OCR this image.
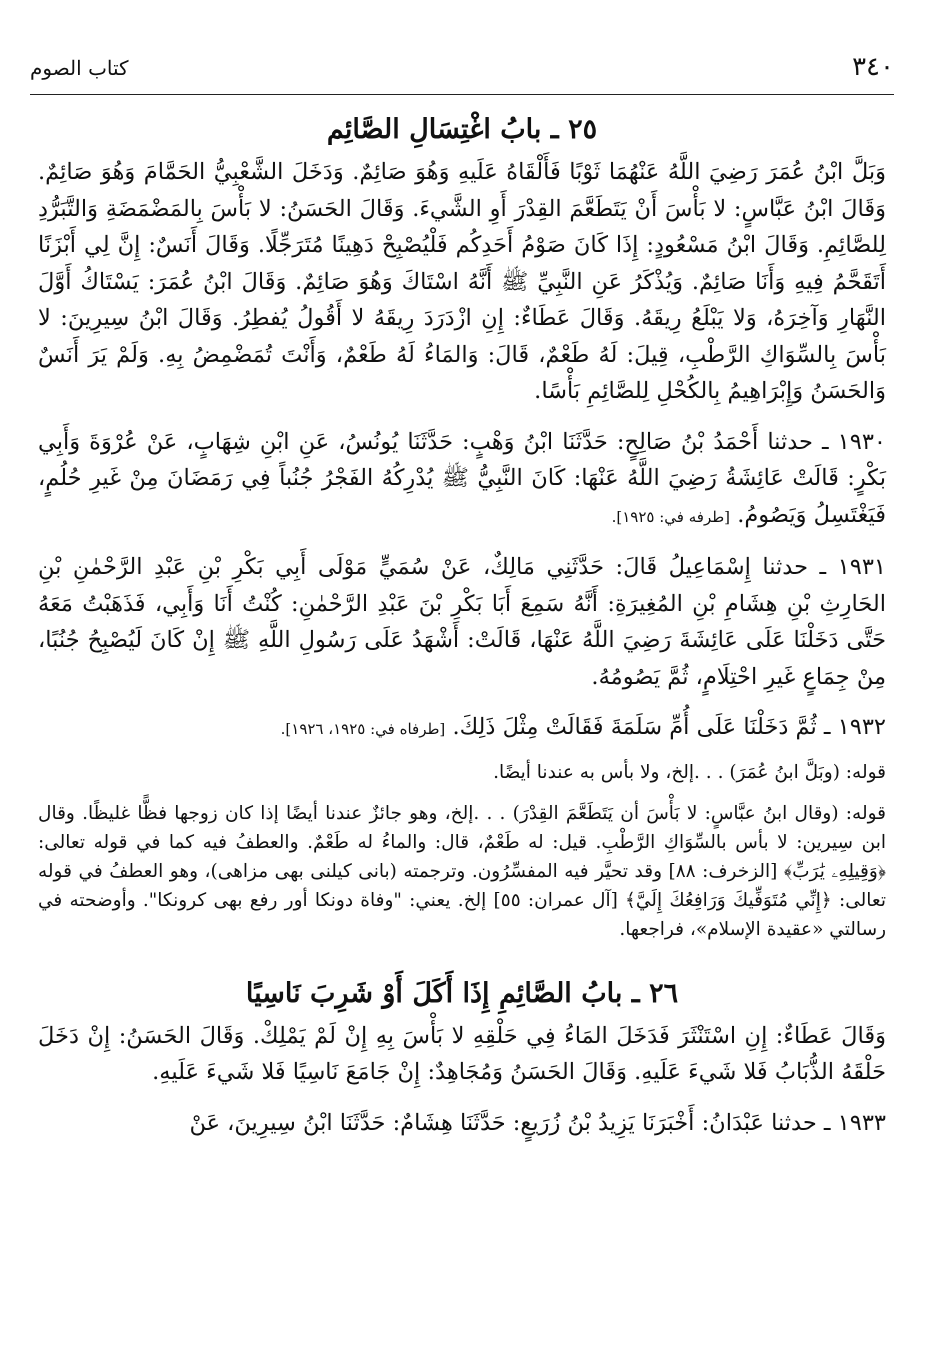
٣٤٠
كتاب الصوم
٢٥ ـ بابُ اغْتِسَالِ الصَّائِم

وَبَلَّ ابْنُ عُمَرَ رَضِيَ اللَّهُ عَنْهُمَا ثَوْبًا فَأَلْقَاهُ عَلَيهِ وَهُوَ صَائِمٌ. وَدَخَلَ الشَّعْبِيُّ الحَمَّامَ وَهُوَ صَائِمٌ. وَقَالَ ابْنُ عَبَّاسٍ: لا بَأْسَ أَنْ يَتَطَعَّمَ القِدْرَ أَوِ الشَّيءَ. وَقَالَ الحَسَنُ: لا بَأْسَ بِالمَضْمَضَةِ وَالتَّبَرُّدِ لِلصَّائِمِ. وَقَالَ ابْنُ مَسْعُودٍ: إِذَا كَانَ صَوْمُ أَحَدِكُم فَلْيُصْبِحْ دَهِينًا مُتَرَجِّلًا. وَقَالَ أَنَسٌ: إِنَّ لِي أَبْزَنًا أَتَقَحَّمُ فِيهِ وَأَنَا صَائِمٌ. وَيُذْكَرُ عَنِ النَّبِيِّ ﷺ أَنَّهُ اسْتَاكَ وَهُوَ صَائِمٌ. وَقَالَ ابْنُ عُمَرَ: يَسْتَاكُ أَوَّلَ النَّهَارِ وَآخِرَهُ، وَلا يَبْلَعُ رِيقَهُ. وَقَالَ عَطَاءٌ: إِنِ ازْدَرَدَ رِيقَهُ لا أَقُولُ يُفطِرُ. وَقَالَ ابْنُ سِيرِينَ: لا بَأْسَ بِالسِّوَاكِ الرَّطْبِ، قِيلَ: لَهُ طَعْمٌ، قَالَ: وَالمَاءُ لَهُ طَعْمٌ، وَأَنْتَ تُمَضْمِضُ بِهِ. وَلَمْ يَرَ أَنَسٌ وَالحَسَنُ وَإِبْرَاهِيمُ بِالكُحْلِ لِلصَّائِمِ بَأْسًا.

١٩٣٠ ـ حدثنا أَحْمَدُ بْنُ صَالِحٍ: حَدَّثَنَا ابْنُ وَهْبٍ: حَدَّثَنَا يُونُسُ، عَنِ ابْنِ شِهَابٍ، عَنْ عُرْوَةَ وَأَبِي بَكْرٍ: قَالَتْ عَائِشَةُ رَضِيَ اللَّهُ عَنْهَا: كَانَ النَّبِيُّ ﷺ يُدْرِكُهُ الفَجْرُ جُنُباً فِي رَمَضَانَ مِنْ غَيرِ حُلُمٍ، فَيَغْتَسِلُ وَيَصُومُ. [طرفه في: ١٩٢٥].

١٩٣١ ـ حدثنا إِسْمَاعِيلُ قَالَ: حَدَّثَنِي مَالِكٌ، عَنْ سُمَيٍّ مَوْلَى أَبِي بَكْرِ بْنِ عَبْدِ الرَّحْمٰنِ بْنِ الحَارِثِ بْنِ هِشَامِ بْنِ المُغِيرَةِ: أَنَّهُ سَمِعَ أَبَا بَكْرِ بْنَ عَبْدِ الرَّحْمٰنِ: كُنْتُ أَنَا وَأَبِي، فَذَهَبْتُ مَعَهُ حَتَّى دَخَلْنَا عَلَى عَائِشَةَ رَضِيَ اللَّهُ عَنْهَا، قَالَتْ: أَشْهَدُ عَلَى رَسُولِ اللَّهِ ﷺ إِنْ كَانَ لَيُصْبِحُ جُنُبًا، مِنْ جِمَاعٍ غَيرِ احْتِلَامٍ، ثُمَّ يَصُومُهُ.

١٩٣٢ ـ ثُمَّ دَخَلْنَا عَلَى أُمِّ سَلَمَةَ فَقَالَتْ مِثْلَ ذَلِكَ. [طرفاه في: ١٩٢٥، ١٩٢٦].

قوله: (وبَلَّ ابنُ عُمَرَ) . . .إلخ، ولا بأس به عندنا أيضًا.

قوله: (وقال ابنُ عبَّاسٍ: لا بَأْسَ أن يَتَطَعَّمَ القِدْرَ) . . .إلخ، وهو جائزٌ عندنا أيضًا إذا كان زوجها فظًّا غليظًا. وقال ابن سِيرين: لا بأس بالسِّوَاكِ الرَّطْبِ. قيل: له طَعْمٌ، قال: والماءُ له طَعْمٌ. والعطفُ فيه كما في قوله تعالى: ﴿وَقِيلِهِۦ يَٰرَبِّ﴾ [الزخرف: ٨٨] وقد تحيَّر فيه المفسِّرُون. وترجمته (بانى كيلنى بهى مزاهى)، وهو العطفُ في قوله تعالى: ﴿إِنِّي مُتَوَفِّيكَ وَرَافِعُكَ إِلَيَّ﴾ [آل عمران: ٥٥] إلخ. يعني: "وفاة دونكا أور رفع بهى كرونكا". وأوضحته في رسالتي «عقيدة الإسلام»، فراجعها.

٢٦ ـ بابُ الصَّائِمِ إِذَا أَكَلَ أَوْ شَرِبَ نَاسِيًا

وَقَالَ عَطَاءٌ: إِنِ اسْتَنْثَرَ فَدَخَلَ المَاءُ فِي حَلْقِهِ لا بَأْسَ بِهِ إِنْ لَمْ يَمْلِكْ. وَقَالَ الحَسَنُ: إِنْ دَخَلَ حَلْقَهُ الذُّبَابُ فَلا شَيءَ عَلَيهِ. وَقَالَ الحَسَنُ وَمُجَاهِدٌ: إِنْ جَامَعَ نَاسِيًا فَلا شَيءَ عَلَيهِ.

١٩٣٣ ـ حدثنا عَبْدَانُ: أَخْبَرَنَا يَزِيدُ بْنُ زُرَيعٍ: حَدَّثَنَا هِشَامٌ: حَدَّثَنَا ابْنُ سِيرِينَ، عَنْ
